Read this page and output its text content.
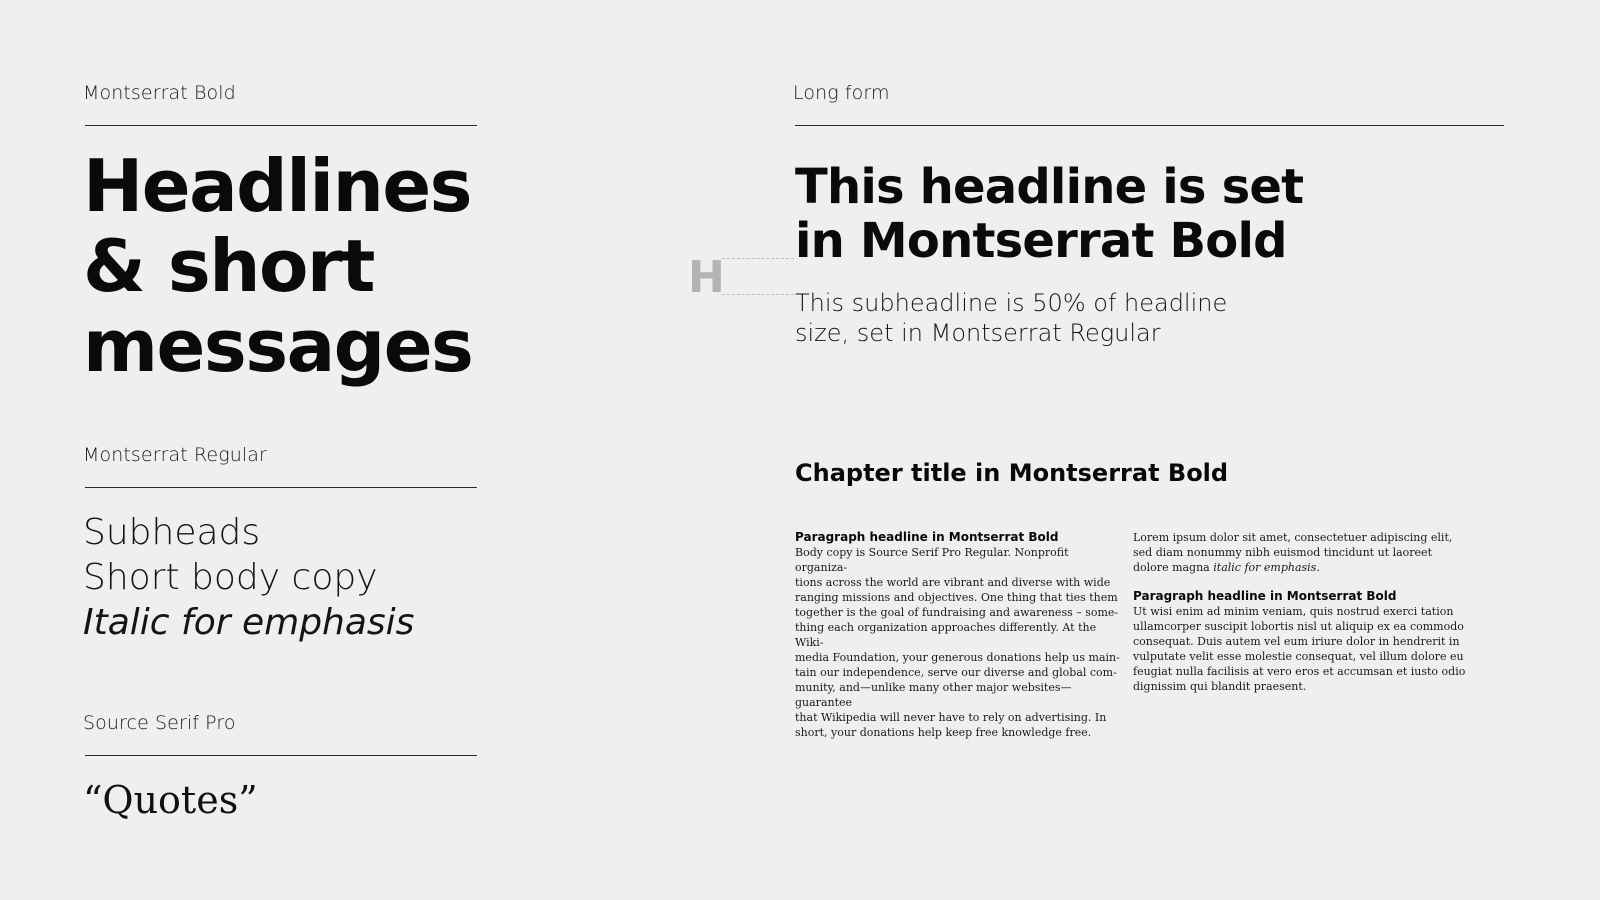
Montserrat Bold
Headlines
& short
messages
Montserrat Regular
Subheads
Short body copy
Italic for emphasis
Source Serif Pro
“Quotes”
Long form
This headline is set
in Montserrat Bold
H	This subheadline is 50% of headline
size, set in Montserrat Regular
Chapter title in Montserrat Bold

Paragraph headline in Montserrat Bold

Body copy is Source Serif Pro Regular. Nonprofit organiza-
tions across the world are vibrant and diverse with wide
ranging missions and objectives. One thing that ties them
together is the goal of fundraising and awareness – some-
thing each organization approaches differently. At the Wiki-
media Foundation, your generous donations help us main-
tain our independence, serve our diverse and global com-
munity, and—unlike many other major websites—guarantee
that Wikipedia will never have to rely on advertising. In
short, your donations help keep free knowledge free.
Lorem ipsum dolor sit amet, consectetuer adipiscing elit,
sed diam nonummy nibh euismod tincidunt ut laoreet
dolore magna italic for emphasis.

Paragraph headline in Montserrat Bold

Ut wisi enim ad minim veniam, quis nostrud exerci tation
ullamcorper suscipit lobortis nisl ut aliquip ex ea commodo
consequat. Duis autem vel eum iriure dolor in hendrerit in
vulputate velit esse molestie consequat, vel illum dolore eu
feugiat nulla facilisis at vero eros et accumsan et iusto odio
dignissim qui blandit praesent.
